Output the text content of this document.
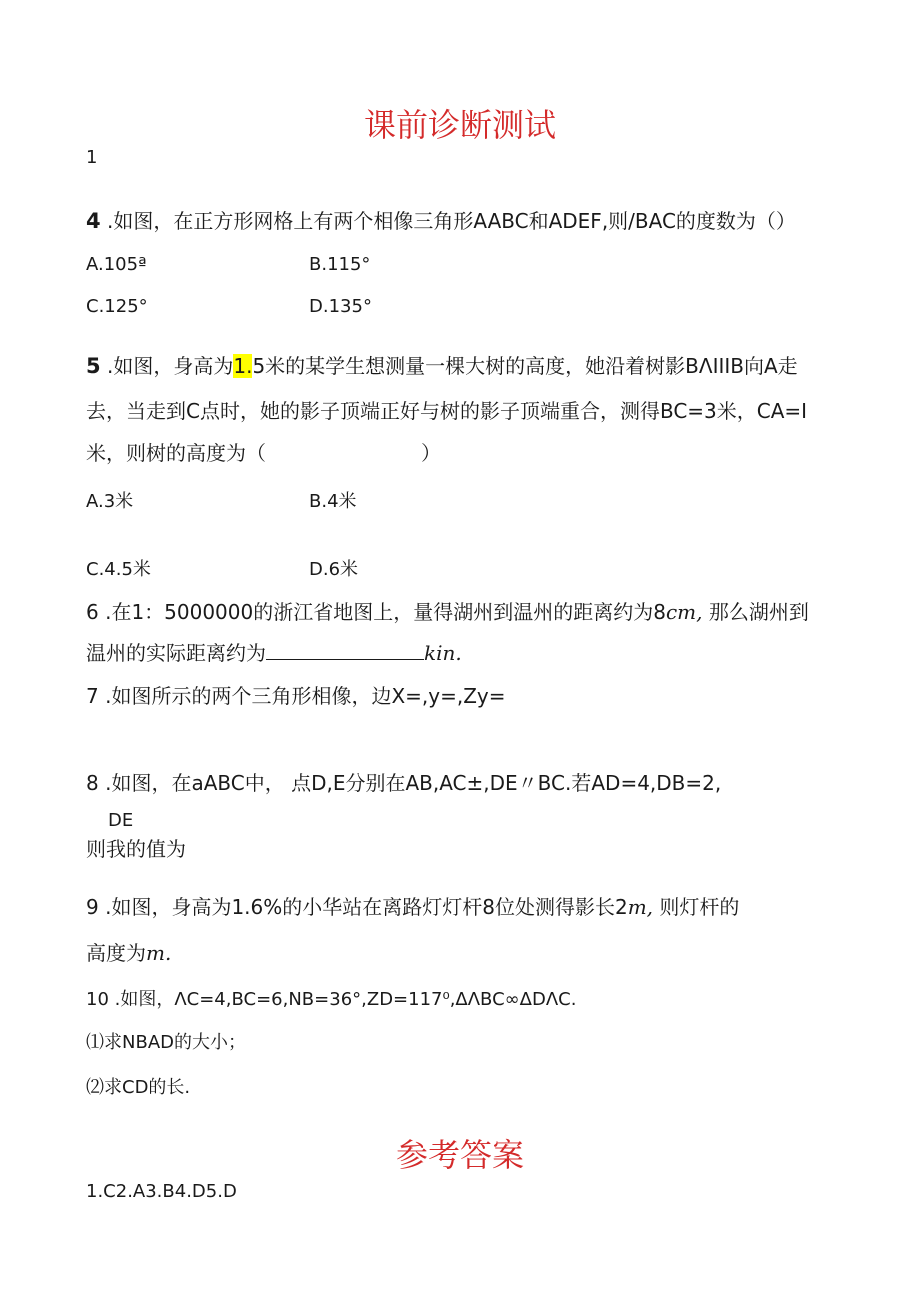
课前诊断测试
1
4 .如图，在正方形网格上有两个相像三角形AABC和ADEF,则/BAC的度数为（）
A.105ª	B.115°
C.125°	D.135°
5 .如图，身高为1.5米的某学生想测量一棵大树的高度，她沿着树影BΛIIIB向A走
去，当走到C点时，她的影子顶端正好与树的影子顶端重合，测得BC=3米，CA=I
米，则树的高度为（	）
A.3米	B.4米
C.4.5米	D.6米
6 .在1：5000000的浙江省地图上，量得湖州到温州的距离约为8cm, 那么湖州到
温州的实际距离约为	kin.
7 .如图所示的两个三角形相像，边X=,y=,Zy=
8 .如图，在aABC中， 点D,E分别在AB,AC±,DE〃BC.若AD=4,DB=2,
DE
则我的值为
9 .如图，身高为1.6%的小华站在离路灯灯杆8位处测得影长2m, 则灯杆的
高度为m.
10 .如图，ΛC=4,BC=6,NB=36°,ZD=117⁰,ΔΛBC∞ΔDΛC.
⑴求NBAD的大小；
⑵求CD的长.
参考答案
1.C2.A3.B4.D5.D
